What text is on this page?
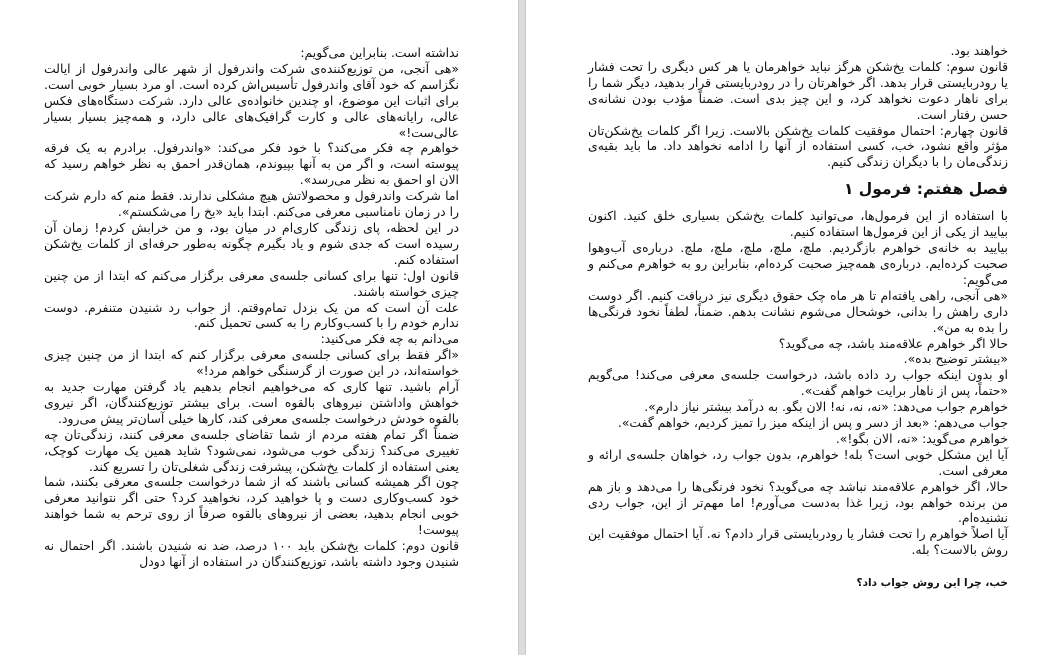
نداشته است. بنابراین می‌گویم:

«هی آنجی، من توزیع‌کننده‌ی شرکت واندرفول از شهر عالی واندرفول از ایالت نگزاسم که خود آقای واندرفول تأسیس‌اش کرده است. او مرد بسیار خوبی است. برای اثبات این موضوع، او چندین خانواده‌ی عالی دارد. شرکت دستگاه‌های فکس عالی، رایانه‌های عالی و کارت گرافیک‌های عالی دارد، و همه‌چیز بسیار بسیار عالی‌ست!»

خواهرم چه فکر می‌کند؟ با خود فکر می‌کند: «واندرفول. برادرم به یک فرقه پیوسته است، و اگر من به آنها بپیوندم، همان‌قدر احمق به نظر خواهم رسید که الان او احمق به نظر می‌رسد».

اما شرکت واندرفول و محصولاتش هیچ مشکلی ندارند. فقط منم که دارم شرکت را در زمان نامناسبی معرفی می‌کنم. ابتدا باید «یخ را می‌شکستم».

در این لحظه، پای زندگی کاری‌ام در میان بود، و من خرابش کردم! زمان آن رسیده است که جدی شوم و یاد بگیرم چگونه به‌طور حرفه‌ای از کلمات یخ‌شکن استفاده کنم.

قانون اول: تنها برای کسانی جلسه‌ی معرفی برگزار می‌کنم که ابتدا از من چنین چیزی خواسته باشند.

علت آن است که من یک بزدل تمام‌وقتم. از جواب رد شنیدن متنفرم. دوست ندارم خودم را با کسب‌وکارم را به کسی تحمیل کنم.

می‌دانم به چه فکر می‌کنید:

«اگر فقط برای کسانی جلسه‌ی معرفی برگزار کنم که ابتدا از من چنین چیزی خواسته‌اند، در این صورت از گرسنگی خواهم مرد!»

آرام باشید. تنها کاری که می‌خواهیم انجام بدهیم یاد گرفتن مهارت جدید به خواهش واداشتن نیروهای بالقوه است. برای بیشتر توزیع‌کنندگان، اگر نیروی بالقوه خودش درخواست جلسه‌ی معرفی کند، کارها خیلی آسان‌تر پیش می‌رود.

ضمناً اگر تمام هفته مردم از شما تقاضای جلسه‌ی معرفی کنند، زندگی‌تان چه تغییری می‌کند؟ زندگی خوب می‌شود، نمی‌شود؟ شاید همین یک مهارت کوچک، یعنی استفاده از کلمات یخ‌شکن، پیشرفت زندگی شغلی‌تان را تسریع کند.

چون اگر همیشه کسانی باشند که از شما درخواست جلسه‌ی معرفی بکنند، شما خود کسب‌وکاری دست و پا خواهید کرد، نخواهید کرد؟ حتی اگر نتوانید معرفی خوبی انجام بدهید، بعضی از نیروهای بالقوه صرفاً از روی ترحم به شما خواهند پیوست!

قانون دوم: کلمات یخ‌شکن باید ۱۰۰ درصد، ضد نه شنیدن باشند. اگر احتمال نه شنیدن وجود داشته باشد، توزیع‌کنندگان در استفاده از آنها دودل

خواهند بود.

قانون سوم: کلمات یخ‌شکن هرگز نباید خواهرمان یا هر کس دیگری را تحت فشار یا رودربایستی قرار بدهد. اگر خواهرتان را در رودربایستی قرار بدهید، دیگر شما را برای ناهار دعوت نخواهد کرد، و این چیز بدی است. ضمناً مؤدب بودن نشانه‌ی حسن رفتار است.

قانون چهارم: احتمال موفقیت کلمات یخ‌شکن بالاست. زیرا اگر کلمات یخ‌شکن‌تان مؤثر واقع نشود، خب، کسی استفاده از آنها را ادامه نخواهد داد. ما باید بقیه‌ی زندگی‌مان را با دیگران زندگی کنیم.

فصل هفتم: فرمول ۱

با استفاده از این فرمول‌ها، می‌توانید کلمات یخ‌شکن بسیاری خلق کنید. اکنون بیایید از یکی از این فرمول‌ها استفاده کنیم.

بیایید به خانه‌ی خواهرم بازگردیم. ملچ، ملچ، ملچ، ملچ، ملچ. درباره‌ی آب‌وهوا صحبت کرده‌ایم. درباره‌ی همه‌چیز صحبت کرده‌ام، بنابراین رو به خواهرم می‌کنم و می‌گویم:

«هی آنجی، راهی یافته‌ام تا هر ماه چک حقوق دیگری نیز دریافت کنیم. اگر دوست داری راهش را بدانی، خوشحال می‌شوم نشانت بدهم. ضمناً، لطفاً نخود فرنگی‌ها را بده به من».

حالا اگر خواهرم علاقه‌مند باشد، چه می‌گوید؟

«بیشتر توضیح بده».

او بدون اینکه جواب رد داده باشد، درخواست جلسه‌ی معرفی می‌کند! می‌گویم «حتماً، پس از ناهار برایت خواهم گفت».

خواهرم جواب می‌دهد: «نه، نه، نه! الان بگو. به درآمد بیشتر نیاز دارم».

جواب می‌دهم: «بعد از دسر و پس از اینکه میز را تمیز کردیم، خواهم گفت».

خواهرم می‌گوید: «نه، الان بگو!».

آیا این مشکل خوبی است؟ بله! خواهرم، بدون جواب رد، خواهان جلسه‌ی ارائه و معرفی است.

حالا، اگر خواهرم علاقه‌مند نباشد چه می‌گوید؟ نخود فرنگی‌ها را می‌دهد و باز هم من برنده خواهم بود، زیرا غذا به‌دست می‌آورم! اما مهم‌تر از این، جواب ردی نشنیده‌ام.

آیا اصلاً خواهرم را تحت فشار یا رودربایستی قرار دادم؟ نه. آیا احتمال موفقیت این روش بالاست؟ بله.

خب، چرا این روش جواب داد؟
